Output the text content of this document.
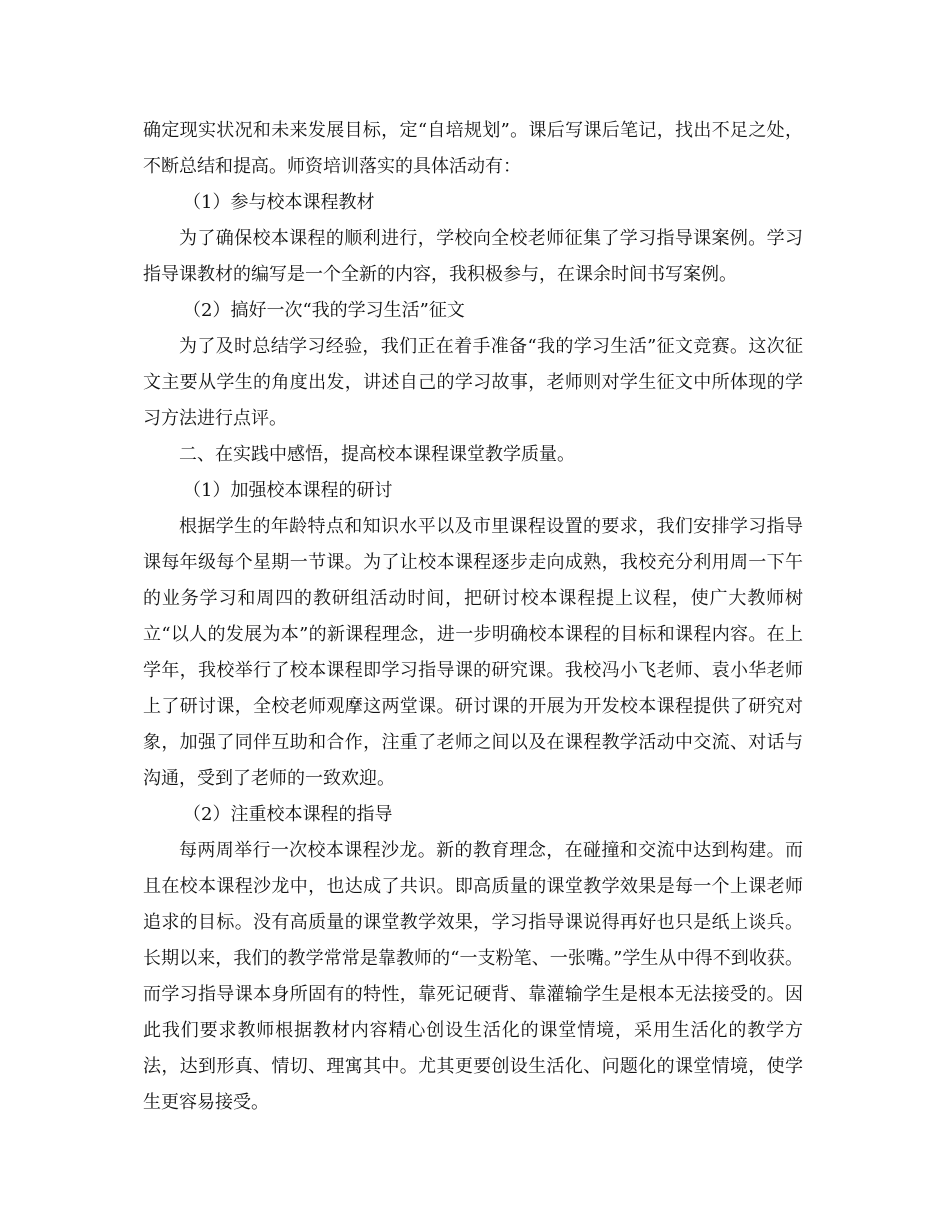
确定现实状况和未来发展目标，定“自培规划”。课后写课后笔记，找出不足之处，不断总结和提高。师资培训落实的具体活动有：

（1）参与校本课程教材

为了确保校本课程的顺利进行，学校向全校老师征集了学习指导课案例。学习指导课教材的编写是一个全新的内容，我积极参与，在课余时间书写案例。

（2）搞好一次“我的学习生活”征文

为了及时总结学习经验，我们正在着手准备“我的学习生活”征文竞赛。这次征文主要从学生的角度出发，讲述自己的学习故事，老师则对学生征文中所体现的学习方法进行点评。

二、在实践中感悟，提高校本课程课堂教学质量。

（1）加强校本课程的研讨

根据学生的年龄特点和知识水平以及市里课程设置的要求，我们安排学习指导课每年级每个星期一节课。为了让校本课程逐步走向成熟，我校充分利用周一下午的业务学习和周四的教研组活动时间，把研讨校本课程提上议程，使广大教师树立“以人的发展为本”的新课程理念，进一步明确校本课程的目标和课程内容。在上学年，我校举行了校本课程即学习指导课的研究课。我校冯小飞老师、袁小华老师上了研讨课，全校老师观摩这两堂课。研讨课的开展为开发校本课程提供了研究对象，加强了同伴互助和合作，注重了老师之间以及在课程教学活动中交流、对话与沟通，受到了老师的一致欢迎。

（2）注重校本课程的指导

每两周举行一次校本课程沙龙。新的教育理念，在碰撞和交流中达到构建。而且在校本课程沙龙中，也达成了共识。即高质量的课堂教学效果是每一个上课老师追求的目标。没有高质量的课堂教学效果，学习指导课说得再好也只是纸上谈兵。长期以来，我们的教学常常是靠教师的“一支粉笔、一张嘴。”学生从中得不到收获。而学习指导课本身所固有的特性，靠死记硬背、靠灌输学生是根本无法接受的。因此我们要求教师根据教材内容精心创设生活化的课堂情境，采用生活化的教学方法，达到形真、情切、理寓其中。尤其更要创设生活化、问题化的课堂情境，使学生更容易接受。
